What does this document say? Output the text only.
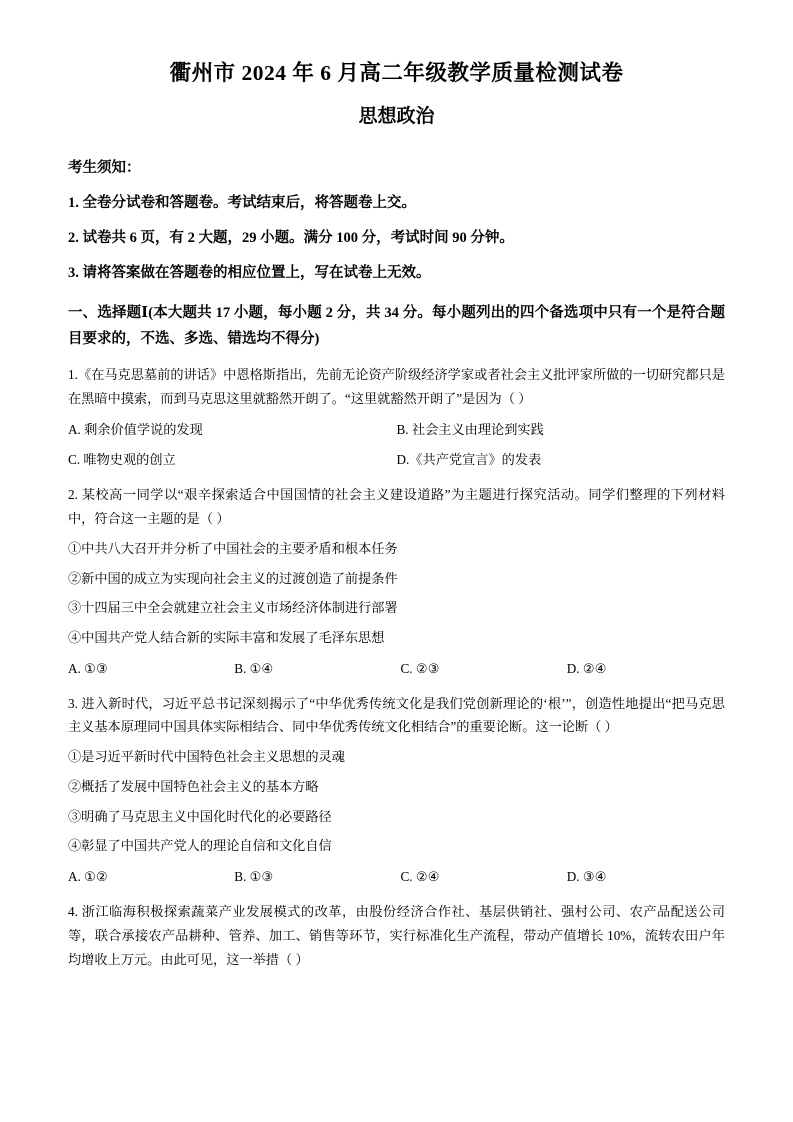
衢州市 2024 年 6 月高二年级教学质量检测试卷
思想政治

考生须知：

1. 全卷分试卷和答题卷。考试结束后，将答题卷上交。

2. 试卷共 6 页，有 2 大题，29 小题。满分 100 分，考试时间 90 分钟。

3. 请将答案做在答题卷的相应位置上，写在试卷上无效。

一、选择题Ⅰ(本大题共 17 小题，每小题 2 分，共 34 分。每小题列出的四个备选项中只有一个是符合题目要求的，不选、多选、错选均不得分)

1.《在马克思墓前的讲话》中恩格斯指出，先前无论资产阶级经济学家或者社会主义批评家所做的一切研究都只是在黑暗中摸索，而到马克思这里就豁然开朗了。“这里就豁然开朗了”是因为（ ）

A. 剩余价值学说的发现	B. 社会主义由理论到实践
C. 唯物史观的创立	D.《共产党宣言》的发表

2. 某校高一同学以“艰辛探索适合中国国情的社会主义建设道路”为主题进行探究活动。同学们整理的下列材料中，符合这一主题的是（ ）

①中共八大召开并分析了中国社会的主要矛盾和根本任务

②新中国的成立为实现向社会主义的过渡创造了前提条件

③十四届三中全会就建立社会主义市场经济体制进行部署

④中国共产党人结合新的实际丰富和发展了毛泽东思想

A. ①③	B. ①④	C. ②③	D. ②④

3. 进入新时代，习近平总书记深刻揭示了“中华优秀传统文化是我们党创新理论的‘根’”，创造性地提出“把马克思主义基本原理同中国具体实际相结合、同中华优秀传统文化相结合”的重要论断。这一论断（ ）

①是习近平新时代中国特色社会主义思想的灵魂

②概括了发展中国特色社会主义的基本方略

③明确了马克思主义中国化时代化的必要路径

④彰显了中国共产党人的理论自信和文化自信

A. ①②	B. ①③	C. ②④	D. ③④

4. 浙江临海积极探索蔬菜产业发展模式的改革，由股份经济合作社、基层供销社、强村公司、农产品配送公司等，联合承接农产品耕种、管养、加工、销售等环节，实行标准化生产流程，带动产值增长 10%，流转农田户年均增收上万元。由此可见，这一举措（ ）
